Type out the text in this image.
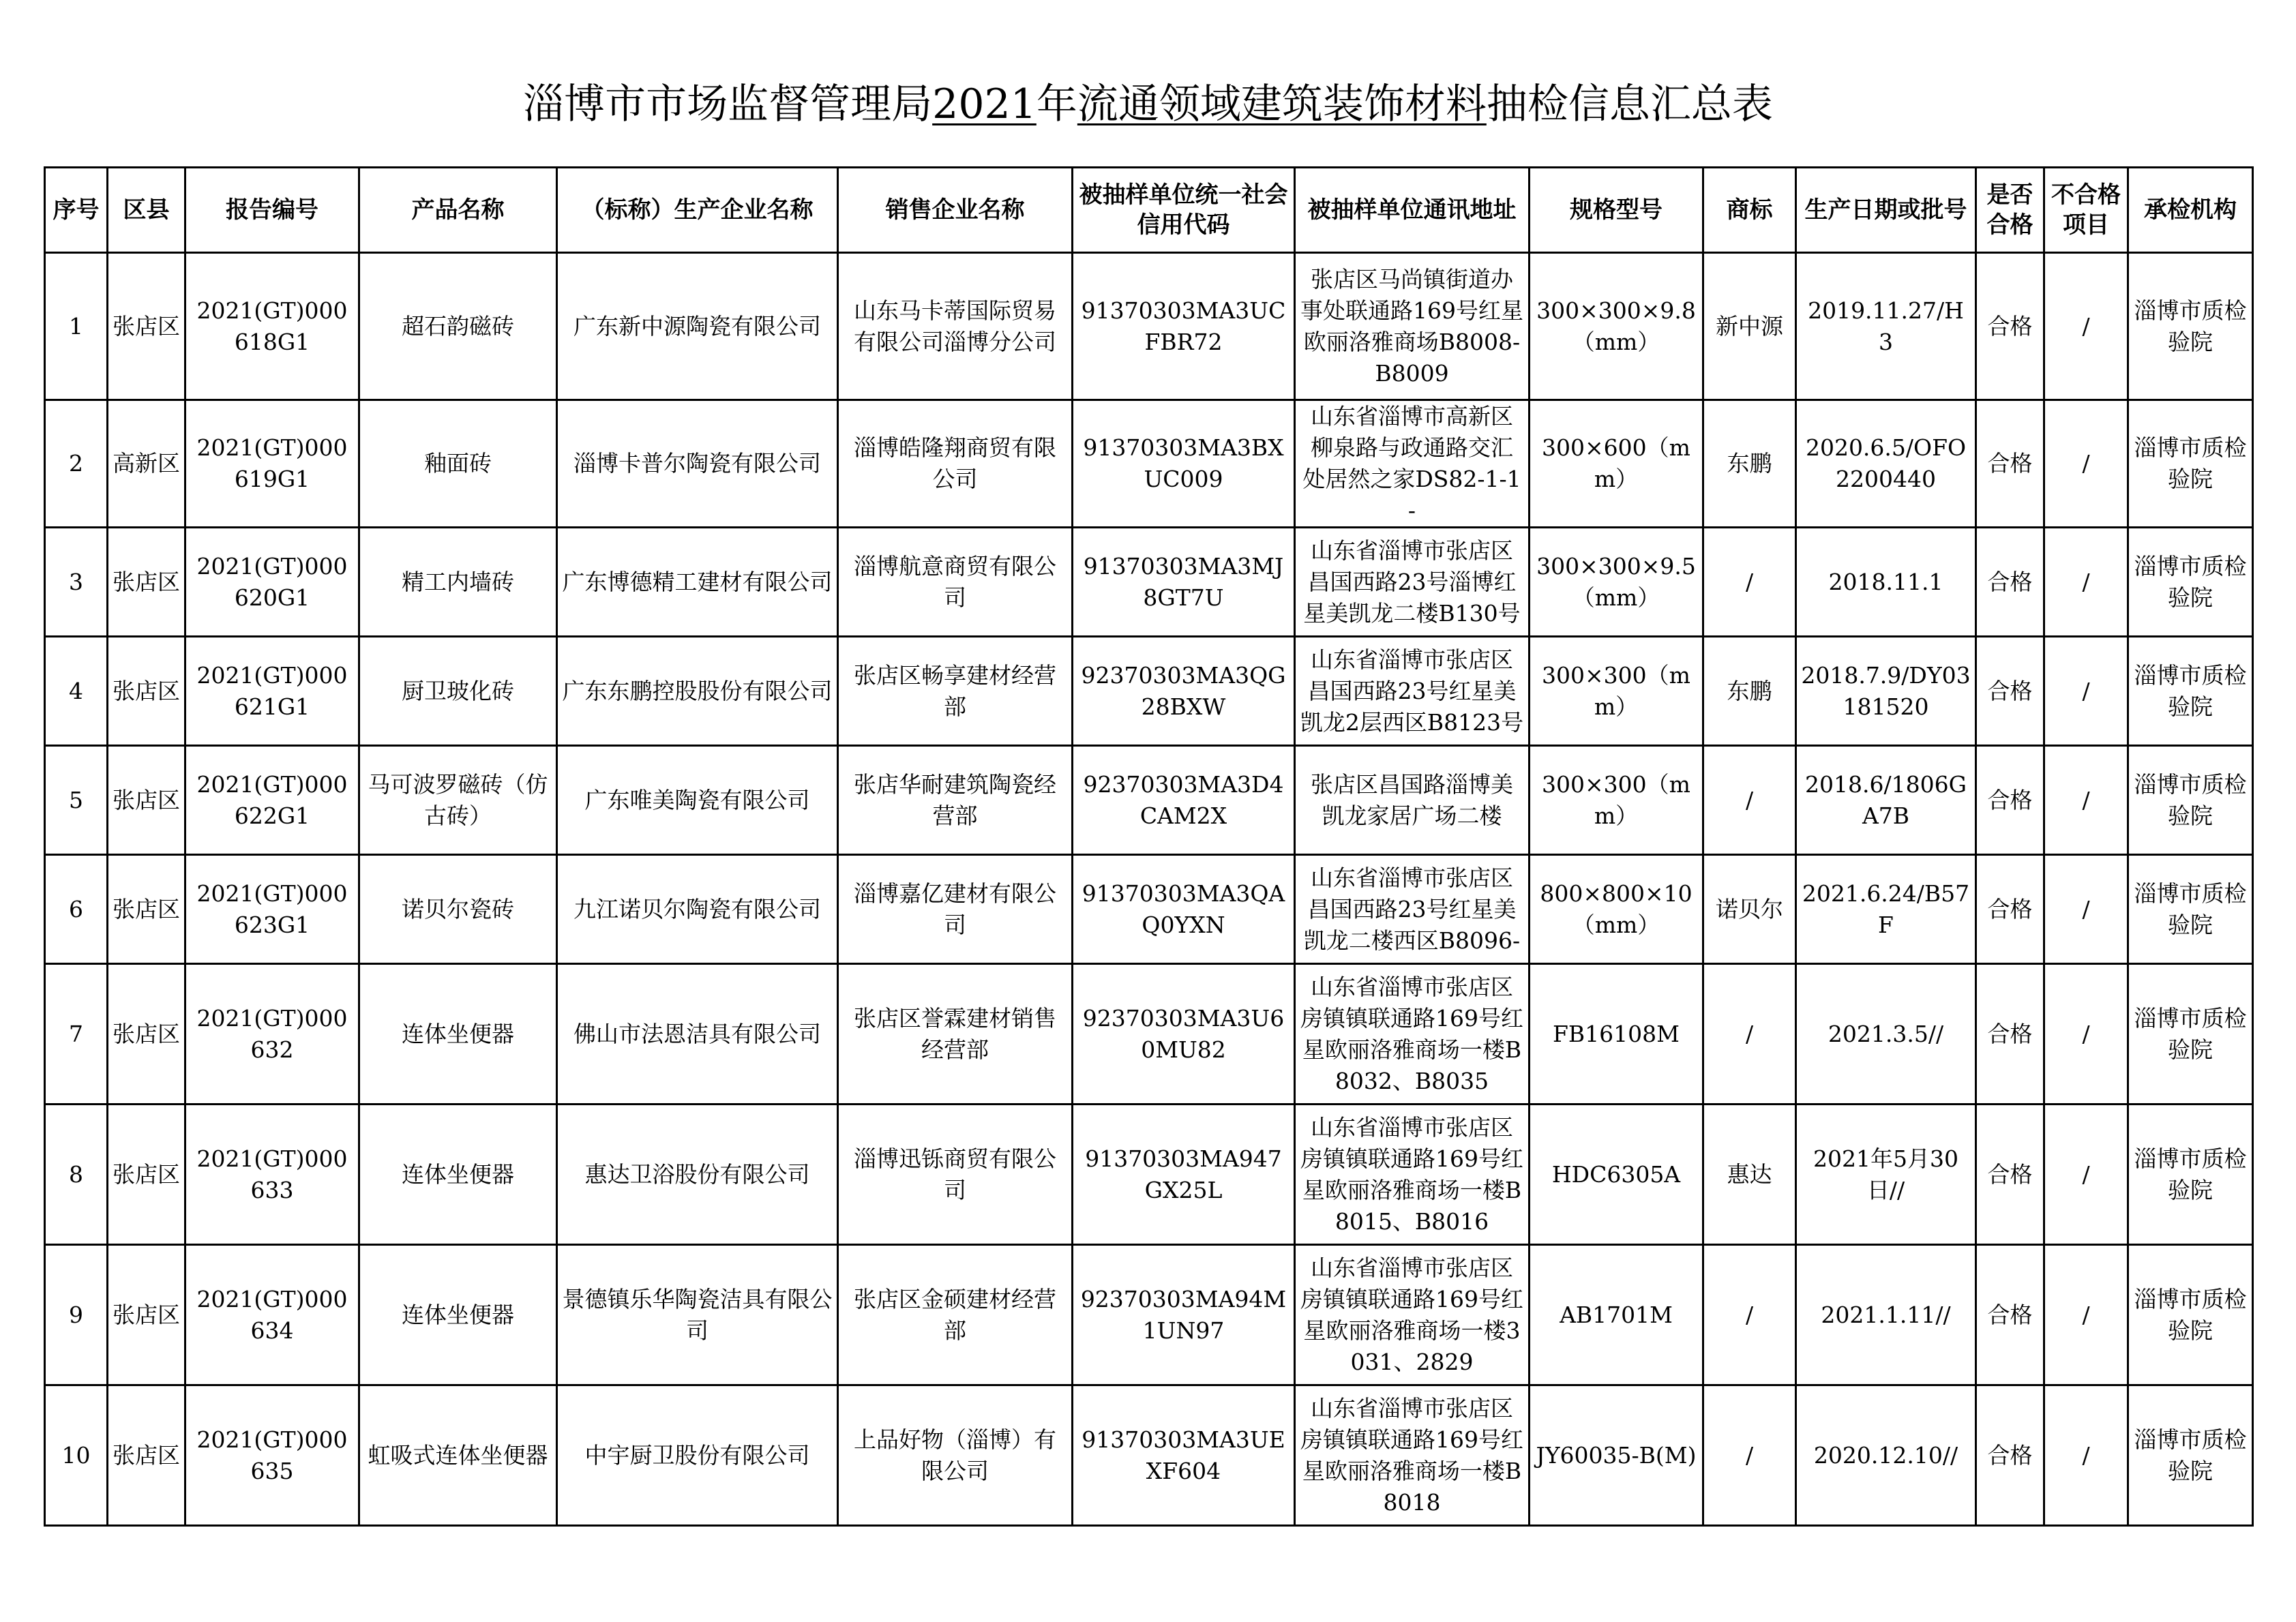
淄博市市场监督管理局2021年流通领域建筑装饰材料抽检信息汇总表
序号	区县	报告编号	产品名称	（标称）生产企业名称	销售企业名称	被抽样单位统一社会信用代码	被抽样单位通讯地址	规格型号	商标	生产日期或批号	是否合格	不合格项目	承检机构
1	张店区	2021(GT)000618G1	超石韵磁砖	广东新中源陶瓷有限公司	山东马卡蒂国际贸易有限公司淄博分公司	91370303MA3UCFBR72	张店区马尚镇街道办事处联通路169号红星欧丽洛雅商场B8008-B8009	300×300×9.8（mm）	新中源	2019.11.27/H3	合格	/	淄博市质检验院
2	高新区	2021(GT)000619G1	釉面砖	淄博卡普尔陶瓷有限公司	淄博皓隆翔商贸有限公司	91370303MA3BXUC009	山东省淄博市高新区柳泉路与政通路交汇处居然之家DS82-1-1-	300×600（mm）	东鹏	2020.6.5/OFO2200440	合格	/	淄博市质检验院
3	张店区	2021(GT)000620G1	精工内墙砖	广东博德精工建材有限公司	淄博航意商贸有限公司	91370303MA3MJ8GT7U	山东省淄博市张店区昌国西路23号淄博红星美凯龙二楼B130号	300×300×9.5（mm）	/	2018.11.1	合格	/	淄博市质检验院
4	张店区	2021(GT)000621G1	厨卫玻化砖	广东东鹏控股股份有限公司	张店区畅享建材经营部	92370303MA3QG28BXW	山东省淄博市张店区昌国西路23号红星美凯龙2层西区B8123号	300×300（mm）	东鹏	2018.7.9/DY03181520	合格	/	淄博市质检验院
5	张店区	2021(GT)000622G1	马可波罗磁砖（仿古砖）	广东唯美陶瓷有限公司	张店华耐建筑陶瓷经营部	92370303MA3D4CAM2X	张店区昌国路淄博美凯龙家居广场二楼	300×300（mm）	/	2018.6/1806GA7B	合格	/	淄博市质检验院
6	张店区	2021(GT)000623G1	诺贝尔瓷砖	九江诺贝尔陶瓷有限公司	淄博嘉亿建材有限公司	91370303MA3QAQ0YXN	山东省淄博市张店区昌国西路23号红星美凯龙二楼西区B8096-	800×800×10（mm）	诺贝尔	2021.6.24/B57F	合格	/	淄博市质检验院
7	张店区	2021(GT)000632	连体坐便器	佛山市法恩洁具有限公司	张店区誉霖建材销售经营部	92370303MA3U60MU82	山东省淄博市张店区房镇镇联通路169号红星欧丽洛雅商场一楼B8032、B8035	FB16108M	/	2021.3.5//	合格	/	淄博市质检验院
8	张店区	2021(GT)000633	连体坐便器	惠达卫浴股份有限公司	淄博迅铄商贸有限公司	91370303MA947GX25L	山东省淄博市张店区房镇镇联通路169号红星欧丽洛雅商场一楼B8015、B8016	HDC6305A	惠达	2021年5月30日//	合格	/	淄博市质检验院
9	张店区	2021(GT)000634	连体坐便器	景德镇乐华陶瓷洁具有限公司	张店区金硕建材经营部	92370303MA94M1UN97	山东省淄博市张店区房镇镇联通路169号红星欧丽洛雅商场一楼3031、2829	AB1701M	/	2021.1.11//	合格	/	淄博市质检验院
10	张店区	2021(GT)000635	虹吸式连体坐便器	中宇厨卫股份有限公司	上品好物（淄博）有限公司	91370303MA3UEXF604	山东省淄博市张店区房镇镇联通路169号红星欧丽洛雅商场一楼B8018	JY60035-B(M)	/	2020.12.10//	合格	/	淄博市质检验院
